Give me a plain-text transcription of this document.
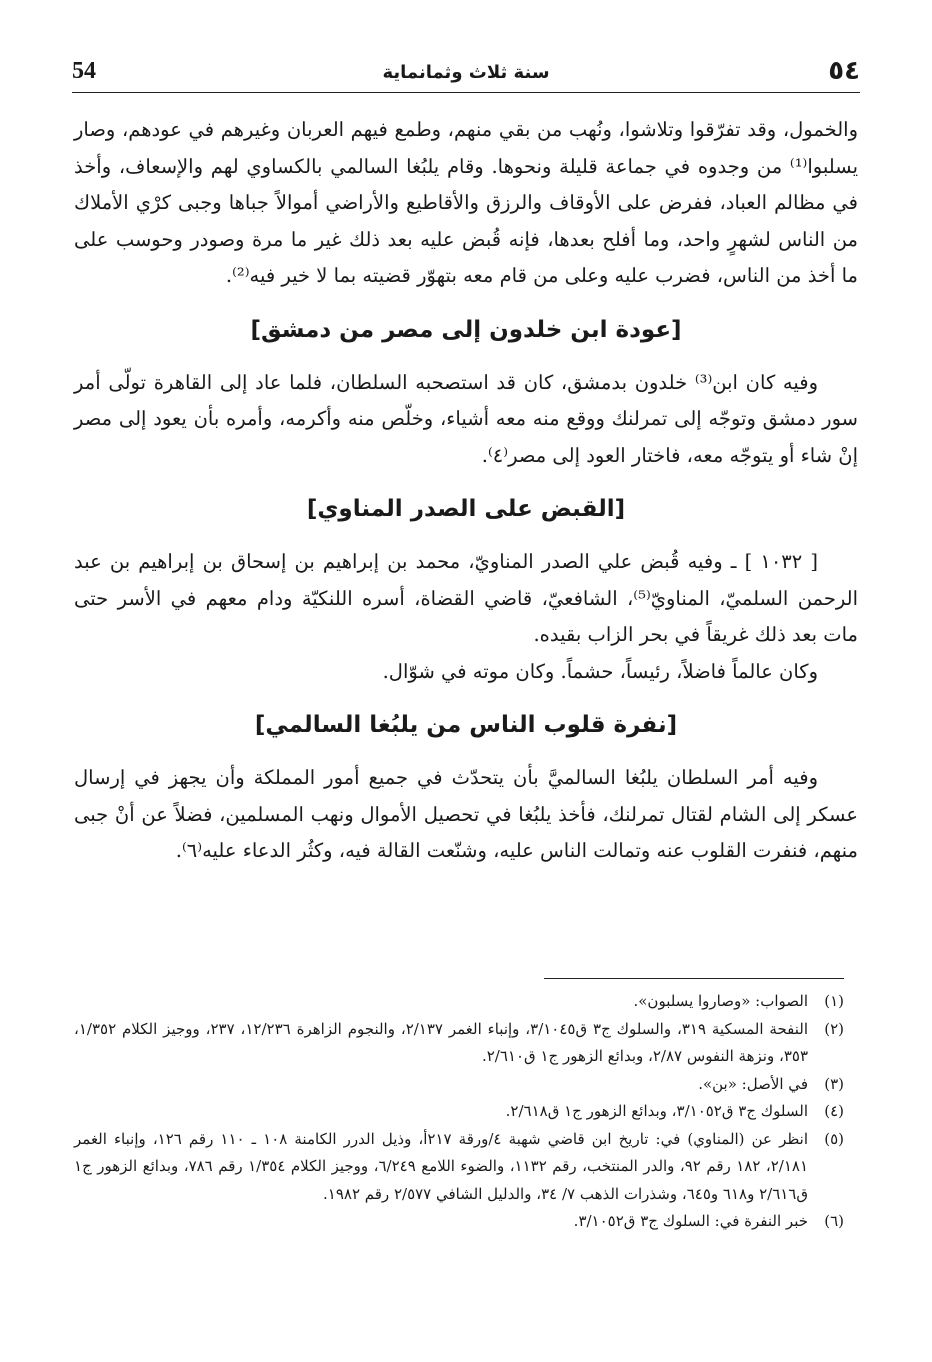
٥٤
سنة ثلاث وثمانماية
54

والخمول، وقد تفرّقوا وتلاشوا، ونُهب من بقي منهم، وطمع فيهم العربان وغيرهم في عودهم، وصار يسلبوا⁽¹⁾ من وجدوه في جماعة قليلة ونحوها. وقام يلبُغا السالمي بالكساوي لهم والإسعاف، وأخذ في مظالم العباد، ففرض على الأوقاف والرزق والأقاطيع والأراضي أموالاً جباها وجبى كرْي الأملاك من الناس لشهرٍ واحد، وما أفلح بعدها، فإنه قُبض عليه بعد ذلك غير ما مرة وصودر وحوسب على ما أخذ من الناس، فضرب عليه وعلى من قام معه بتهوّر قضيته بما لا خير فيه⁽²⁾.

[عودة ابن خلدون إلى مصر من دمشق]

وفيه كان ابن⁽³⁾ خلدون بدمشق، كان قد استصحبه السلطان، فلما عاد إلى القاهرة تولّى أمر سور دمشق وتوجّه إلى تمرلنك ووقع منه معه أشياء، وخلّص منه وأكرمه، وأمره بأن يعود إلى مصر إنْ شاء أو يتوجّه معه، فاختار العود إلى مصر⁽٤⁾.

[القبض على الصدر المناوي]

[ ١٠٣٢ ] ـ وفيه قُبض علي الصدر المناويّ، محمد بن إبراهيم بن إسحاق بن إبراهيم بن عبد الرحمن السلميّ، المناويّ⁽⁵⁾، الشافعيّ، قاضي القضاة، أسره اللنكيّة ودام معهم في الأسر حتى مات بعد ذلك غريقاً في بحر الزاب بقيده.

وكان عالماً فاضلاً، رئيساً، حشماً. وكان موته في شوّال.

[نفرة قلوب الناس من يلبُغا السالمي]

وفيه أمر السلطان يلبُغا السالميَّ بأن يتحدّث في جميع أمور المملكة وأن يجهز في إرسال عسكر إلى الشام لقتال تمرلنك، فأخذ يلبُغا في تحصيل الأموال ونهب المسلمين، فضلاً عن أنْ جبى منهم، فنفرت القلوب عنه وتمالت الناس عليه، وشنّعت القالة فيه، وكثُر الدعاء عليه⁽٦⁾.

(١)
الصواب: «وصاروا يسلبون».

(٢)
النفحة المسكية ٣١٩، والسلوك ج٣ ق٣/١٠٤٥، وإنباء الغمر ٢/١٣٧، والنجوم الزاهرة ١٢/٢٣٦، ٢٣٧، ووجيز الكلام ١/٣٥٢، ٣٥٣، ونزهة النفوس ٢/٨٧، وبدائع الزهور ج١ ق٢/٦١٠.

(٣)
في الأصل: «بن».

(٤)
السلوك ج٣ ق٣/١٠٥٢، وبدائع الزهور ج١ ق٢/٦١٨.

(٥)
انظر عن (المناوي) في: تاريخ ابن قاضي شهبة ٤/ورقة ٢١٧أ، وذيل الدرر الكامنة ١٠٨ ـ ١١٠ رقم ١٢٦، وإنباء الغمر ٢/١٨١، ١٨٢ رقم ٩٢، والدر المنتخب، رقم ١١٣٢، والضوء اللامع ٦/٢٤٩، ووجيز الكلام ١/٣٥٤ رقم ٧٨٦، وبدائع الزهور ج١ ق٢/٦١٦ و٦١٨ و٦٤٥، وشذرات الذهب ٧/ ٣٤، والدليل الشافي ٢/٥٧٧ رقم ١٩٨٢.

(٦)
خبر النفرة في: السلوك ج٣ ق٣/١٠٥٢.
